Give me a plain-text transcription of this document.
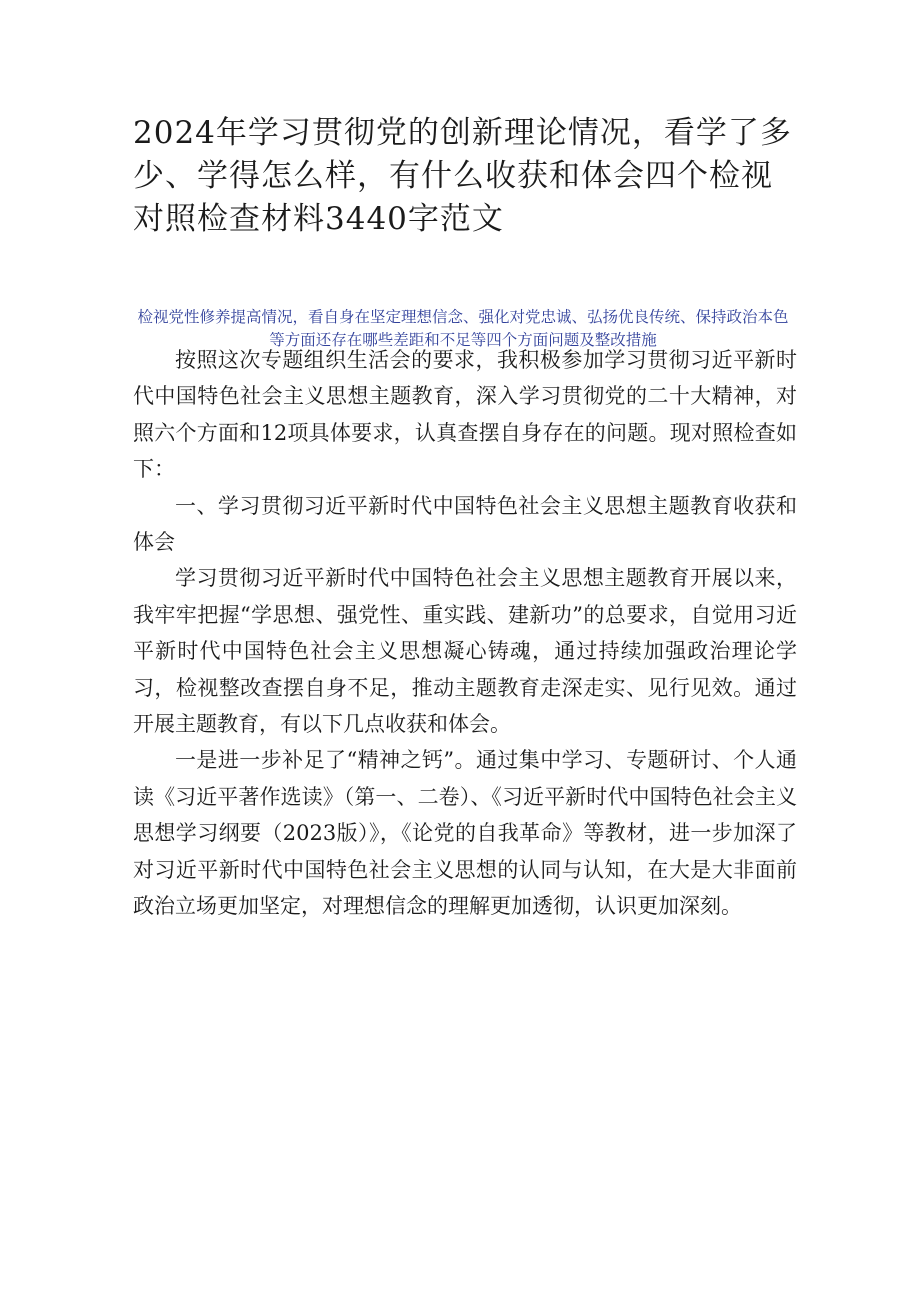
2024年学习贯彻党的创新理论情况，看学了多少、学得怎么样，有什么收获和体会四个检视对照检查材料3440字范文

检视党性修养提高情况，看自身在坚定理想信念、强化对党忠诚、弘扬优良传统、保持政治本色等方面还存在哪些差距和不足等四个方面问题及整改措施

按照这次专题组织生活会的要求，我积极参加学习贯彻习近平新时代中国特色社会主义思想主题教育，深入学习贯彻党的二十大精神，对照六个方面和12项具体要求，认真查摆自身存在的问题。现对照检查如下：

一、学习贯彻习近平新时代中国特色社会主义思想主题教育收获和体会

学习贯彻习近平新时代中国特色社会主义思想主题教育开展以来，我牢牢把握“学思想、强党性、重实践、建新功”的总要求，自觉用习近平新时代中国特色社会主义思想凝心铸魂，通过持续加强政治理论学习，检视整改查摆自身不足，推动主题教育走深走实、见行见效。通过开展主题教育，有以下几点收获和体会。

一是进一步补足了“精神之钙”。通过集中学习、专题研讨、个人通读《习近平著作选读》（第一、二卷）、《习近平新时代中国特色社会主义思想学习纲要（2023版）》，《论党的自我革命》等教材，进一步加深了对习近平新时代中国特色社会主义思想的认同与认知，在大是大非面前政治立场更加坚定，对理想信念的理解更加透彻，认识更加深刻。
